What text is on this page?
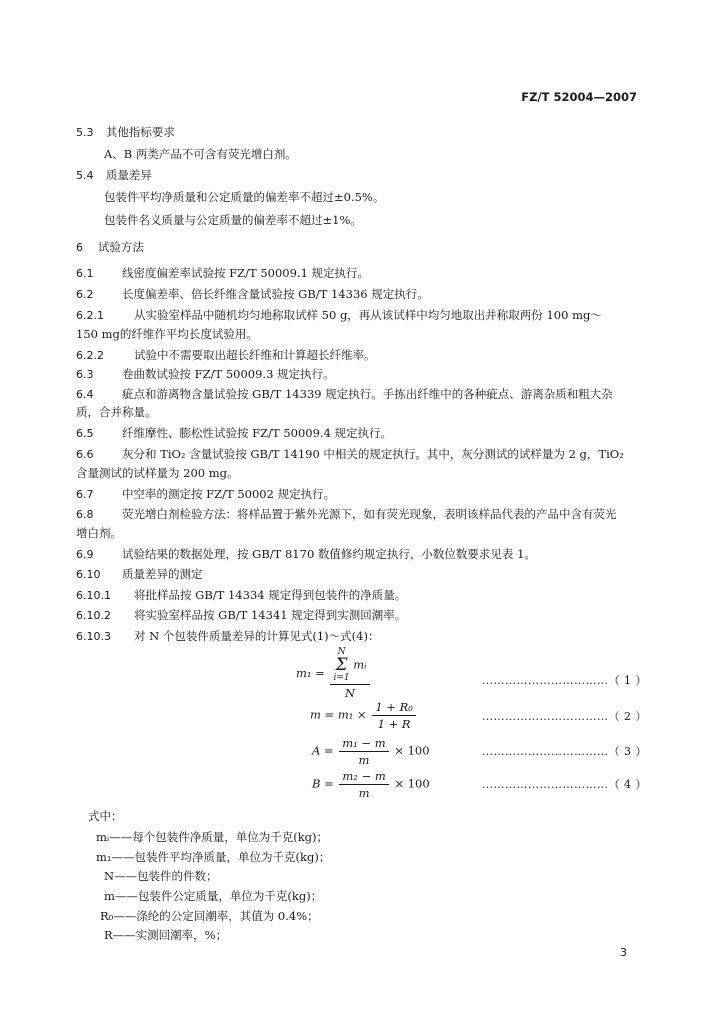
FZ/T 52004—2007
5.3 其他指标要求
A、B 两类产品不可含有荧光增白剂。
5.4 质量差异
包装件平均净质量和公定质量的偏差率不超过±0.5%。
包装件名义质量与公定质量的偏差率不超过±1%。
6 试验方法
6.1 线密度偏差率试验按 FZ/T 50009.1 规定执行。
6.2 长度偏差率、倍长纤维含量试验按 GB/T 14336 规定执行。
6.2.1	从实验室样品中随机均匀地称取试样 50 g，再从该试样中均匀地取出并称取两份 100 mg～
150 mg的纤维作平均长度试验用。
6.2.2	试验中不需要取出超长纤维和计算超长纤维率。
6.3 卷曲数试验按 FZ/T 50009.3 规定执行。
6.4 疵点和游离物含量试验按 GB/T 14339 规定执行。手拣出纤维中的各种疵点、游离杂质和粗大杂
质，合并称量。
6.5 纤维摩性、膨松性试验按 FZ/T 50009.4 规定执行。
6.6 灰分和 TiO₂ 含量试验按 GB/T 14190 中相关的规定执行。其中，灰分测试的试样量为 2 g，TiO₂
含量测试的试样量为 200 mg。
6.7 中空率的测定按 FZ/T 50002 规定执行。
6.8 荧光增白剂检验方法：将样品置于紫外光源下，如有荧光现象，表明该样品代表的产品中含有荧光
增白剂。
6.9 试验结果的数据处理，按 GB/T 8170 数值修约规定执行，小数位数要求见表 1。
6.10 质量差异的测定
6.10.1 将批样品按 GB/T 14334 规定得到包装件的净质量。
6.10.2 将实验室样品按 GB/T 14341 规定得到实测回潮率。
6.10.3 对 N 个包装件质量差异的计算见式(1)～式(4)：
m₁ = N
Σ
i=1 mᵢ
N	……………………………（ 1 ）
$m = m_1 \times \frac{\text{1 + R₀}}{1 + R}$	……………………………（ 2 ）
$A = \frac{\text{m₁ − m}}{m} \times 100$	……………………………（ 3 ）
$B = \frac{\text{m₂ − m}}{m} \times 100$	……………………………（ 4 ）
式中：
mᵢ——每个包装件净质量，单位为千克(kg)；
m₁——包装件平均净质量，单位为千克(kg)；
N——包装件的件数；
m——包装件公定质量，单位为千克(kg)；
R₀——涤纶的公定回潮率，其值为 0.4%；
R——实测回潮率，%；
3
